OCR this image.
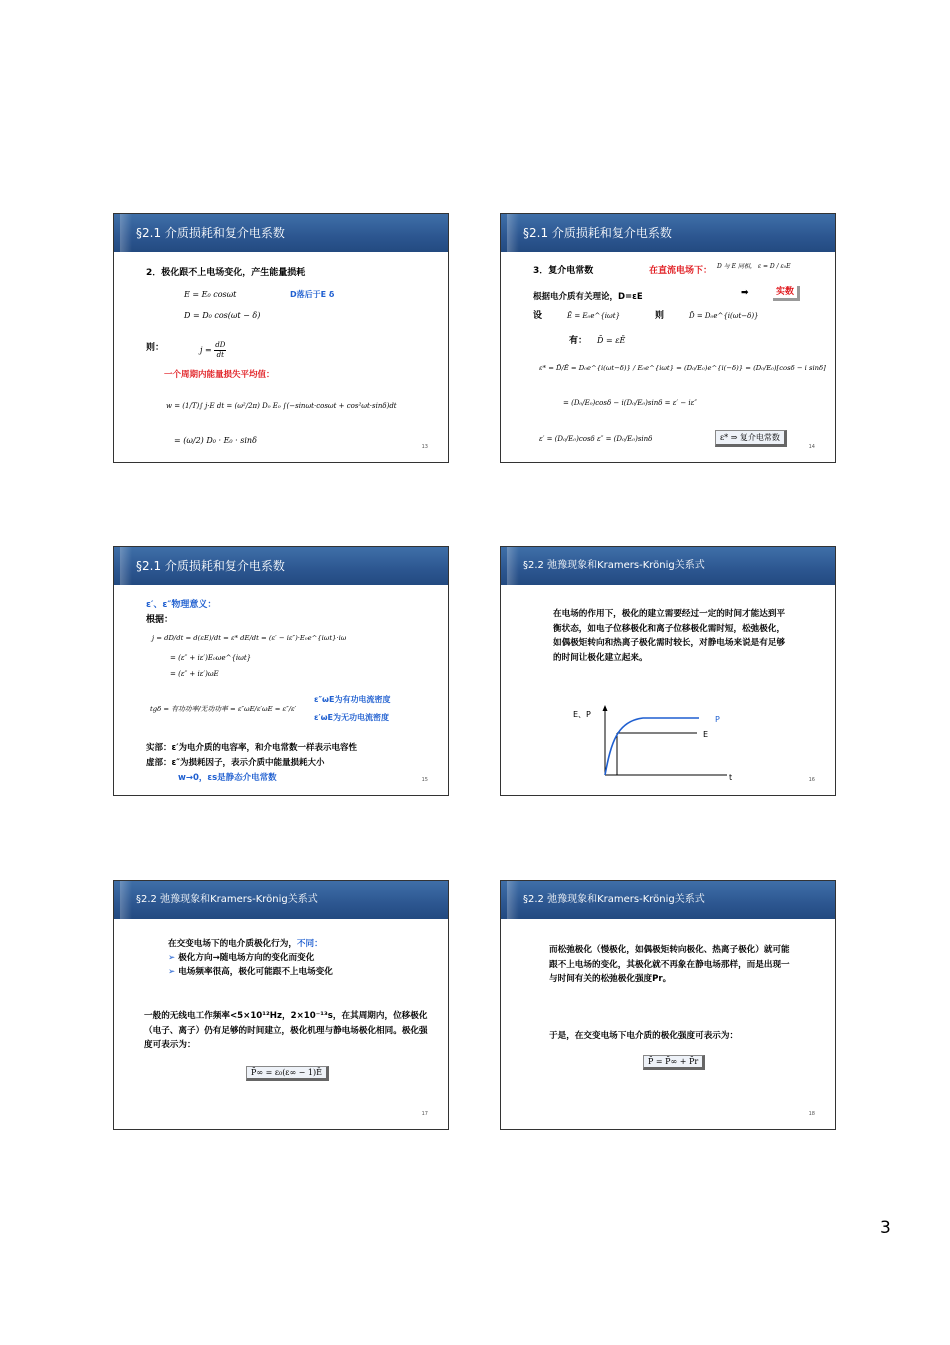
§2.1 介质损耗和复介电系数
2．极化跟不上电场变化，产生能量损耗
E = E₀ cosωt	D落后于E δ
D = D₀ cos(ωt − δ)
则：	$j = \frac{dD}{dt}$
一个周期内能量损失平均值：
w = (1/T)∫ j·E dt = (ω²/2π) D₀ E₀ ∫(−sinωt·cosωt + cos²ωt·sinδ)dt
= (ω/2) D₀ · E₀ · sinδ
13
§2.1 介质损耗和复介电系数
3．复介电常数	在直流电场下： D 与 E 同相， ε = D / ε₀E
➡	实数
根据电介质有关理论，D=εE
设	Ē = E₀e^{iωt}	则	D̄ = D₀e^{i(ωt−δ)}
有： D̄ = εĒ
ε* = D̄/Ē = D₀e^{i(ωt−δ)} / E₀e^{iωt} = (D₀/E₀)e^{i(−δ)} = (D₀/E₀)[cosδ − i sinδ]
= (D₀/E₀)cosδ − i(D₀/E₀)sinδ = ε′ − iε″
ε′ = (D₀/E₀)cosδ ε″ = (D₀/E₀)sinδ	ε* ⇒ 复介电常数
14
§2.1 介质损耗和复介电系数
ε′、ε″物理意义：
根据：
j = dD/dt = d(εE)/dt = ε* dE/dt = (ε′ − iε″)·E₀e^{iωt}·iω
= (ε″ + iε′)E₀ωe^{iωt}
= (ε″ + iε′)ωE
tgδ = 有功功率/无功功率 = ε″ωE/ε′ωE = ε″/ε′
ε″ωE为有功电流密度
ε′ωE为无功电流密度
实部：ε′为电介质的电容率，和介电常数一样表示电容性
虚部：ε″为损耗因子，表示介质中能量损耗大小
w→0，εs是静态介电常数	15
§2.2 弛豫现象和Kramers-Krönig关系式
在电场的作用下，极化的建立需要经过一定的时间才能达到平衡状态，如电子位移极化和离子位移极化需时短，松弛极化，如偶极矩转向和热离子极化需时较长，对静电场来说是有足够的时间让极化建立起来。
E、P
t
P
E
16
§2.2 弛豫现象和Kramers-Krönig关系式
在交变电场下的电介质极化行为，不同：
➢ 极化方向→随电场方向的变化而变化
➢ 电场频率很高，极化可能跟不上电场变化
一般的无线电工作频率<5×10¹²Hz，2×10⁻¹³s，在其周期内，位移极化（电子、离子）仍有足够的时间建立，极化机理与静电场极化相同。极化强度可表示为：
P̄∞ = ε₀(ε∞ − 1)Ē
17
§2.2 弛豫现象和Kramers-Krönig关系式
而松弛极化（慢极化，如偶极矩转向极化、热离子极化）就可能跟不上电场的变化，其极化就不再象在静电场那样，而是出现一与时间有关的松弛极化强度Pr。
于是，在交变电场下电介质的极化强度可表示为：
P̄ = P̄∞ + P̄r
18
3
